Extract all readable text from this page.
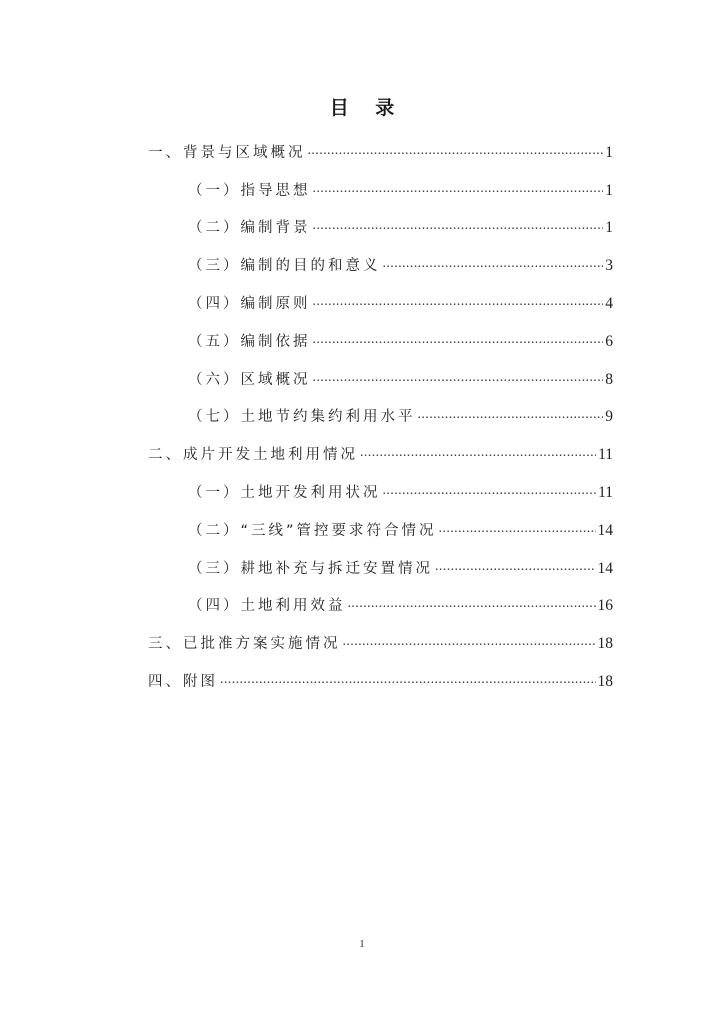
目 录
一、背景与区域概况 .....	1
（一）指导思想 .....	1
（二）编制背景 .....	1
（三）编制的目的和意义 .....	3
（四）编制原则 .....	4
（五）编制依据 .....	6
（六）区域概况 .....	8
（七）土地节约集约利用水平 .....	9
二、成片开发土地利用情况 .....	11
（一）土地开发利用状况 .....	11
（二）“三线”管控要求符合情况 .....	14
（三）耕地补充与拆迁安置情况 .....	14
（四）土地利用效益 .....	16
三、已批准方案实施情况 .....	18
四、附图 .....	18
1
